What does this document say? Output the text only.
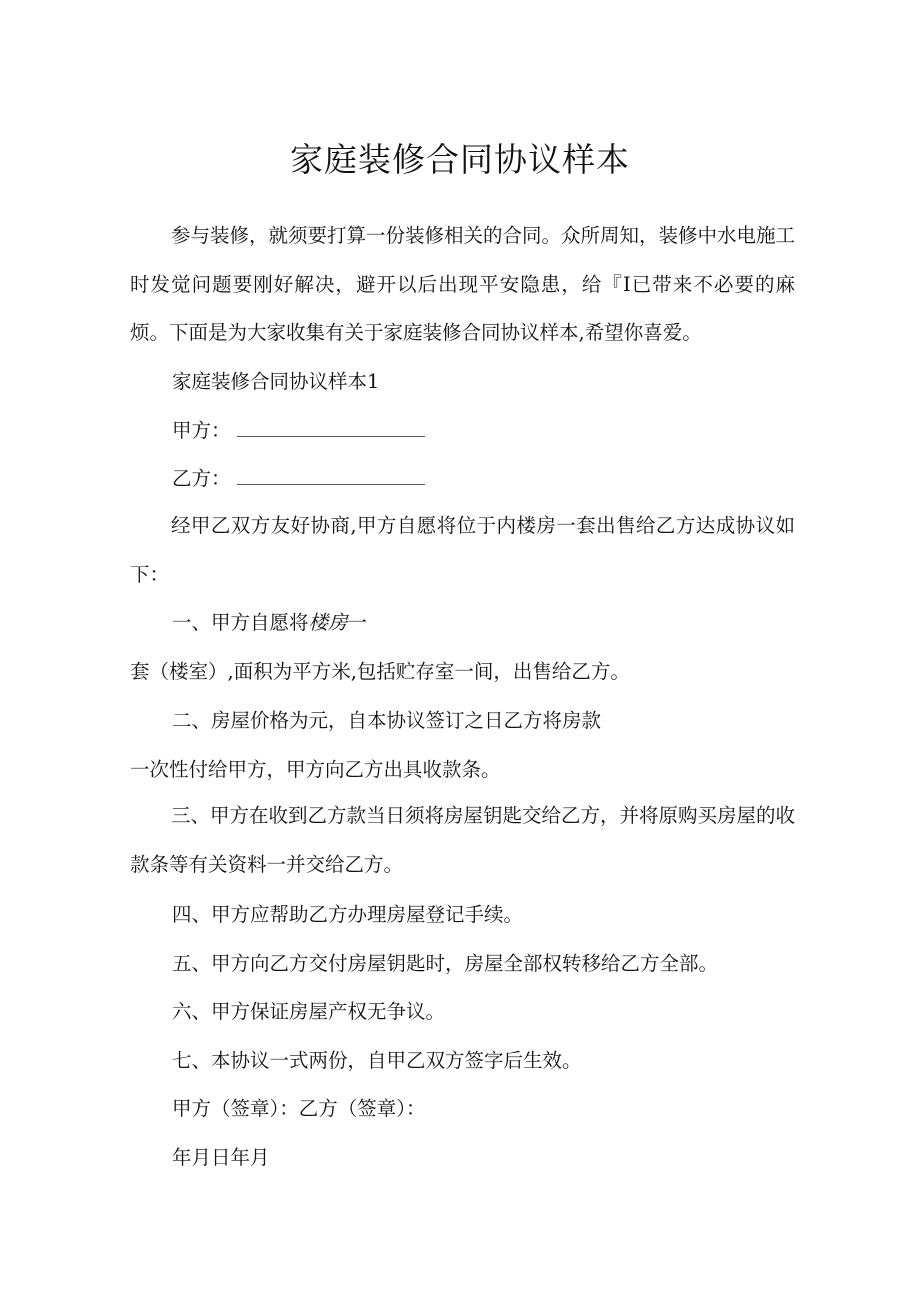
家庭装修合同协议样本
参与装修，就须要打算一份装修相关的合同。众所周知，装修中水电施工时发觉问题要刚好解决，避开以后出现平安隐患，给『I已带来不必要的麻烦。下面是为大家收集有关于家庭装修合同协议样本,希望你喜爱。
家庭装修合同协议样本1
甲方：
乙方：
经甲乙双方友好协商,甲方自愿将位于内楼房一套出售给乙方达成协议如下：
一、甲方自愿将楼房一
套（楼室）,面积为平方米,包括贮存室一间，出售给乙方。
二、房屋价格为元，自本协议签订之日乙方将房款
一次性付给甲方，甲方向乙方出具收款条。
三、甲方在收到乙方款当日须将房屋钥匙交给乙方，并将原购买房屋的收款条等有关资料一并交给乙方。
四、甲方应帮助乙方办理房屋登记手续。
五、甲方向乙方交付房屋钥匙时，房屋全部权转移给乙方全部。
六、甲方保证房屋产权无争议。
七、本协议一式两份，自甲乙双方签字后生效。
甲方（签章）：乙方（签章）：
年月日年月
